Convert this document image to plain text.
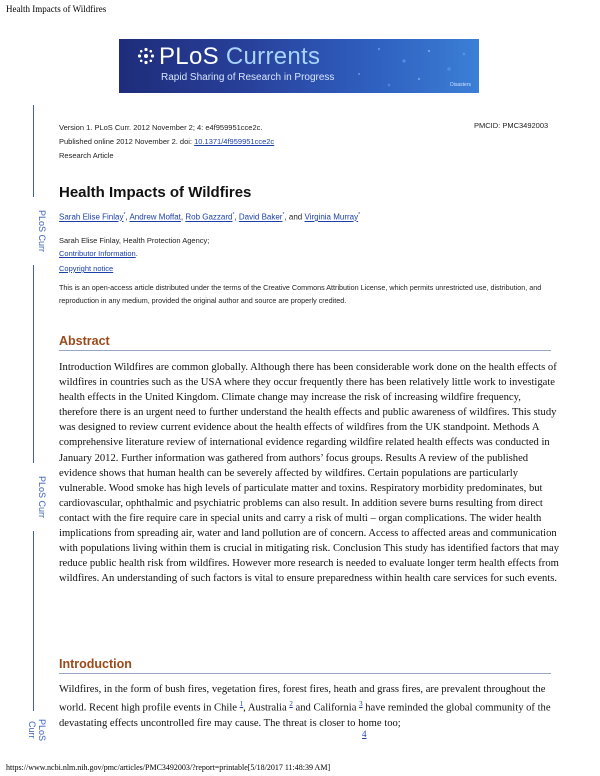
Health Impacts of Wildfires
PLoS Currents
Rapid Sharing of Research in Progress
Disasters
PLoS Curr
PLoS Curr
PLoS Curr
Version 1. PLoS Curr. 2012 November 2; 4: e4f959951cce2c.
Published online 2012 November 2. doi: 10.1371/4f959951cce2c
Research Article
PMCID: PMC3492003
Health Impacts of Wildfires
Sarah Elise Finlay*, Andrew Moffat, Rob Gazzard*, David Baker*, and Virginia Murray*
Sarah Elise Finlay, Health Protection Agency;
Contributor Information.
Copyright notice
This is an open-access article distributed under the terms of the Creative Commons Attribution License, which permits unrestricted use, distribution, and reproduction in any medium, provided the original author and source are properly credited.
Abstract
Introduction Wildfires are common globally. Although there has been considerable work done on the health effects of wildfires in countries such as the USA where they occur frequently there has been relatively little work to investigate health effects in the United Kingdom. Climate change may increase the risk of increasing wildfire frequency, therefore there is an urgent need to further understand the health effects and public awareness of wildfires. This study was designed to review current evidence about the health effects of wildfires from the UK standpoint. Methods A comprehensive literature review of international evidence regarding wildfire related health effects was conducted in January 2012. Further information was gathered from authors’ focus groups. Results A review of the published evidence shows that human health can be severely affected by wildfires. Certain populations are particularly vulnerable. Wood smoke has high levels of particulate matter and toxins. Respiratory morbidity predominates, but cardiovascular, ophthalmic and psychiatric problems can also result. In addition severe burns resulting from direct contact with the fire require care in special units and carry a risk of multi – organ complications. The wider health implications from spreading air, water and land pollution are of concern. Access to affected areas and communication with populations living within them is crucial in mitigating risk. Conclusion This study has identified factors that may reduce public health risk from wildfires. However more research is needed to evaluate longer term health effects from wildfires. An understanding of such factors is vital to ensure preparedness within health care services for such events.
Introduction
Wildfires, in the form of bush fires, vegetation fires, forest fires, heath and grass fires, are prevalent throughout the world. Recent high profile events in Chile $^1$, Australia $^2$ and California $^3$ have reminded the global community of the devastating effects uncontrolled fire may cause. The threat is closer to home too;
4
https://www.ncbi.nlm.nih.gov/pmc/articles/PMC3492003/?report=printable[5/18/2017 11:48:39 AM]
